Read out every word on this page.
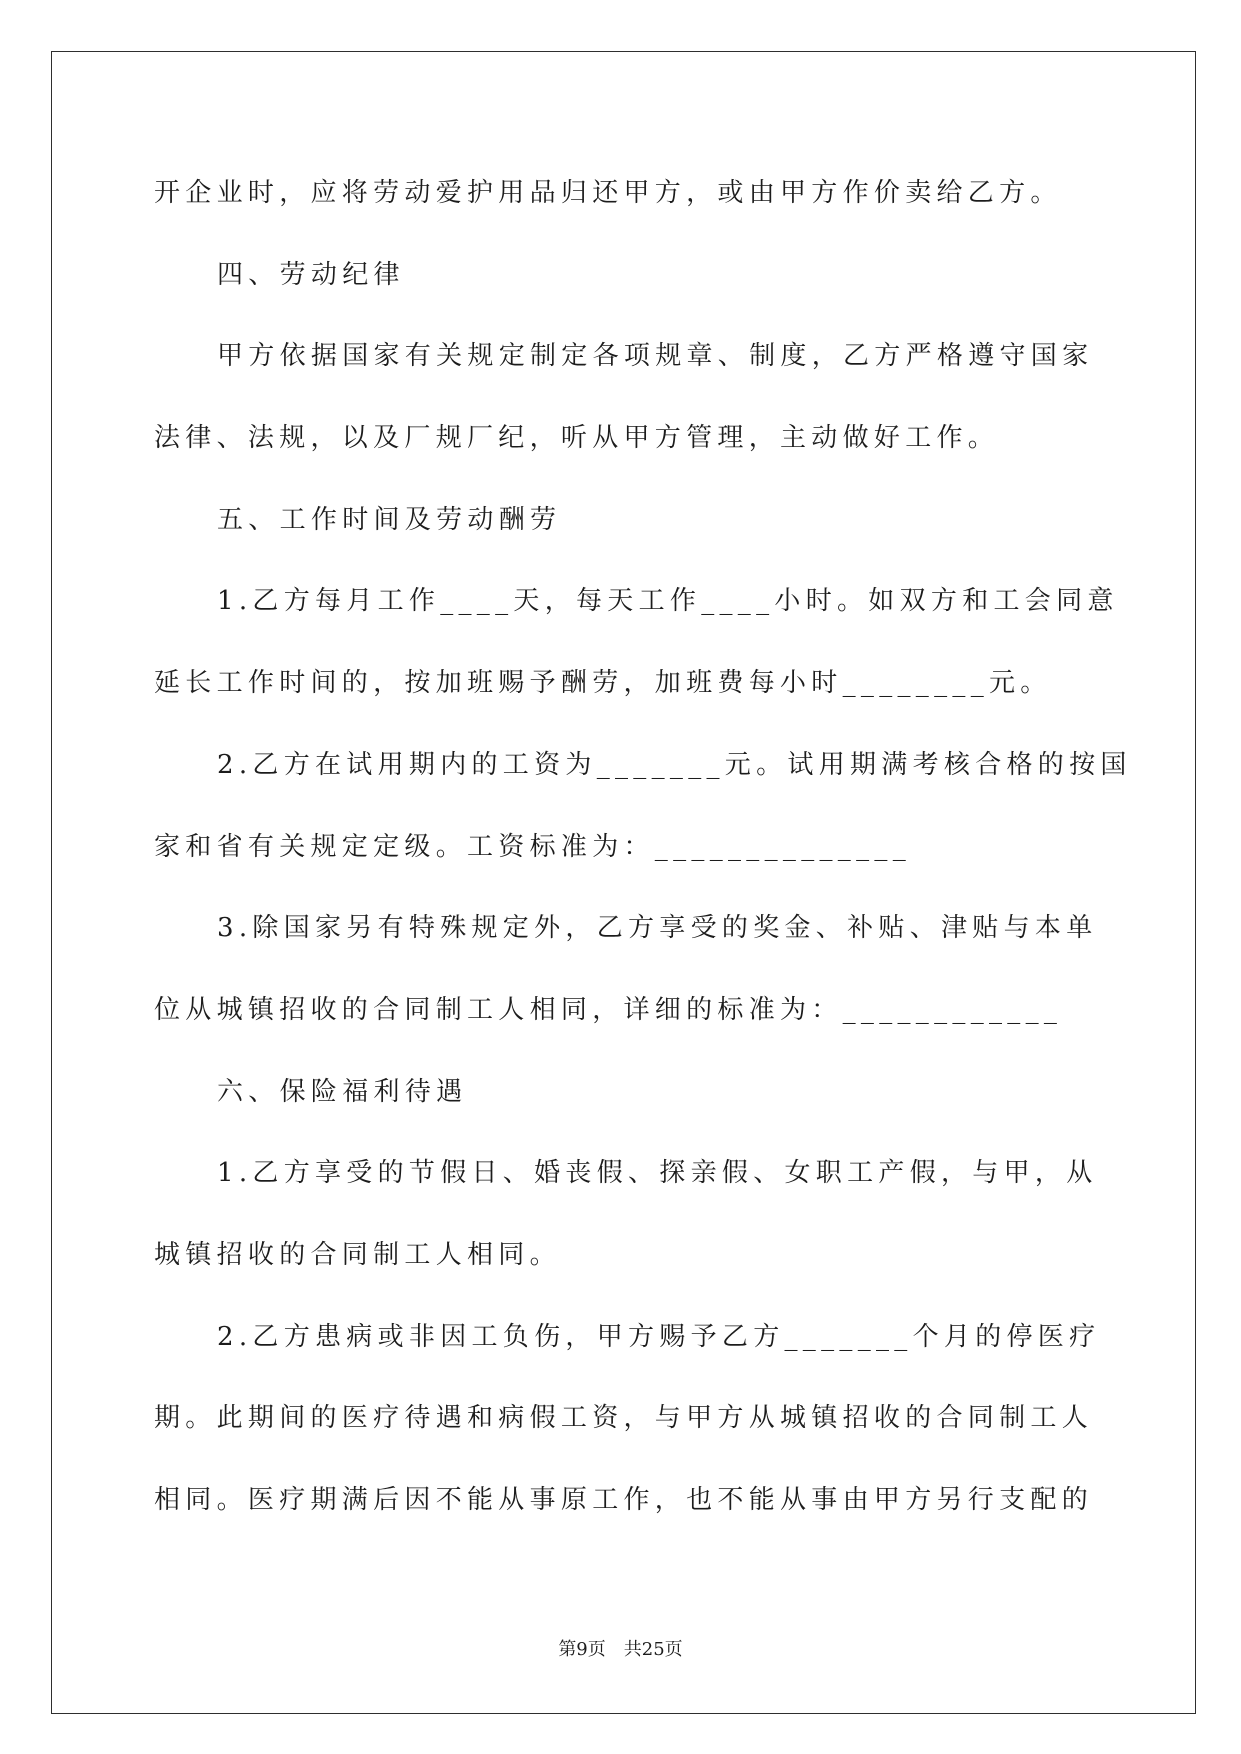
开企业时，应将劳动爱护用品归还甲方，或由甲方作价卖给乙方。
四、劳动纪律
甲方依据国家有关规定制定各项规章、制度，乙方严格遵守国家
法律、法规，以及厂规厂纪，听从甲方管理，主动做好工作。
五、工作时间及劳动酬劳
1.乙方每月工作____天，每天工作____小时。如双方和工会同意
延长工作时间的，按加班赐予酬劳，加班费每小时________元。
2.乙方在试用期内的工资为_______元。试用期满考核合格的按国
家和省有关规定定级。工资标准为：______________
3.除国家另有特殊规定外，乙方享受的奖金、补贴、津贴与本单
位从城镇招收的合同制工人相同，详细的标准为：____________
六、保险福利待遇
1.乙方享受的节假日、婚丧假、探亲假、女职工产假，与甲，从
城镇招收的合同制工人相同。
2.乙方患病或非因工负伤，甲方赐予乙方_______个月的停医疗
期。此期间的医疗待遇和病假工资，与甲方从城镇招收的合同制工人
相同。医疗期满后因不能从事原工作，也不能从事由甲方另行支配的
第9页 共25页
